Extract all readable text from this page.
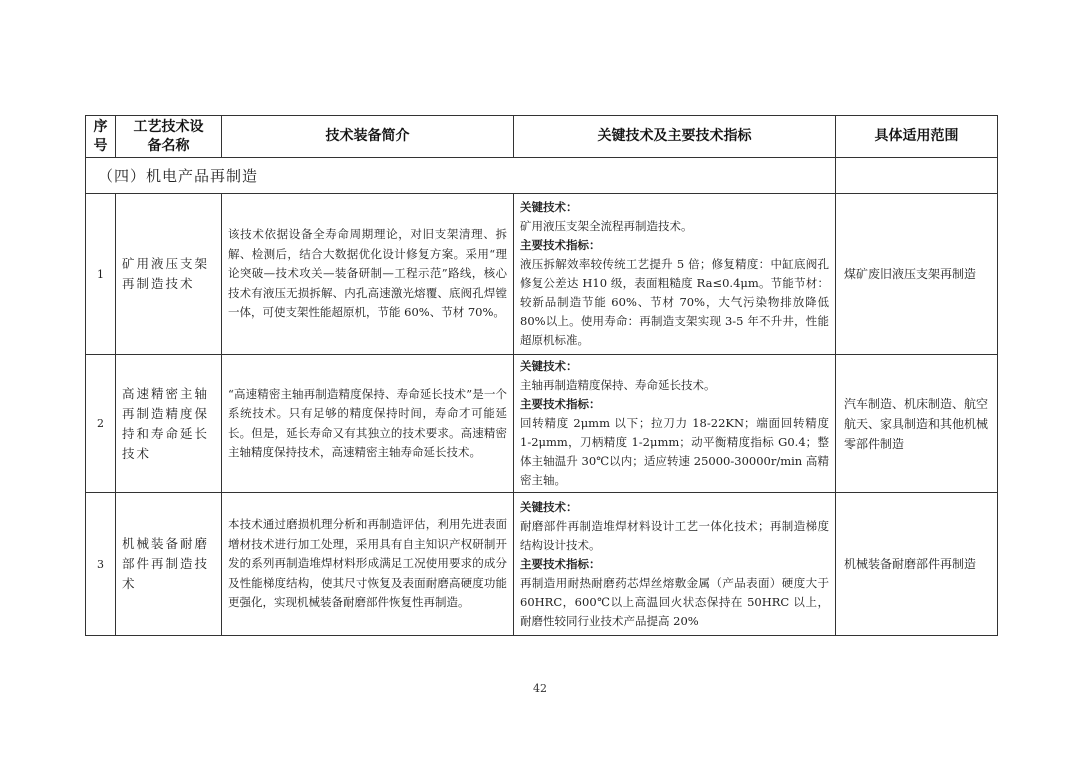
序号	工艺技术设备名称	技术装备简介	关键技术及主要技术指标	具体适用范围
（四）机电产品再制造				
1	矿用液压支架再制造技术	该技术依据设备全寿命周期理论，对旧支架清理、拆解、检测后，结合大数据优化设计修复方案。采用“理论突破—技术攻关—装备研制—工程示范”路线，核心技术有液压无损拆解、内孔高速激光熔覆、底阀孔焊镗一体，可使支架性能超原机，节能 60%、节材 70%。	关键技术：
矿用液压支架全流程再制造技术。
主要技术指标：
液压拆解效率较传统工艺提升 5 倍；修复精度：中缸底阀孔修复公差达 H10 级，表面粗糙度 Ra≤0.4μm。节能节材：较新品制造节能 60%、节材 70%，大气污染物排放降低 80%以上。使用寿命：再制造支架实现 3-5 年不升井，性能超原机标准。	煤矿废旧液压支架再制造
2	高速精密主轴再制造精度保持和寿命延长技术	“高速精密主轴再制造精度保持、寿命延长技术”是一个系统技术。只有足够的精度保持时间，寿命才可能延长。但是，延长寿命又有其独立的技术要求。高速精密主轴精度保持技术，高速精密主轴寿命延长技术。	关键技术：
主轴再制造精度保持、寿命延长技术。
主要技术指标：
回转精度 2μmm 以下；拉刀力 18-22KN；端面回转精度 1-2μmm，刀柄精度 1-2μmm；动平衡精度指标 G0.4；整体主轴温升 30℃以内；适应转速 25000-30000r/min 高精密主轴。	汽车制造、机床制造、航空航天、家具制造和其他机械零部件制造
3	机械装备耐磨部件再制造技术	本技术通过磨损机理分析和再制造评估，利用先进表面增材技术进行加工处理，采用具有自主知识产权研制开发的系列再制造堆焊材料形成满足工况使用要求的成分及性能梯度结构，使其尺寸恢复及表面耐磨高硬度功能更强化，实现机械装备耐磨部件恢复性再制造。	关键技术：
耐磨部件再制造堆焊材料设计工艺一体化技术；再制造梯度结构设计技术。
主要技术指标：
再制造用耐热耐磨药芯焊丝熔敷金属（产品表面）硬度大于 60HRC，600℃以上高温回火状态保持在 50HRC 以上，耐磨性较同行业技术产品提高 20%	机械装备耐磨部件再制造
42
